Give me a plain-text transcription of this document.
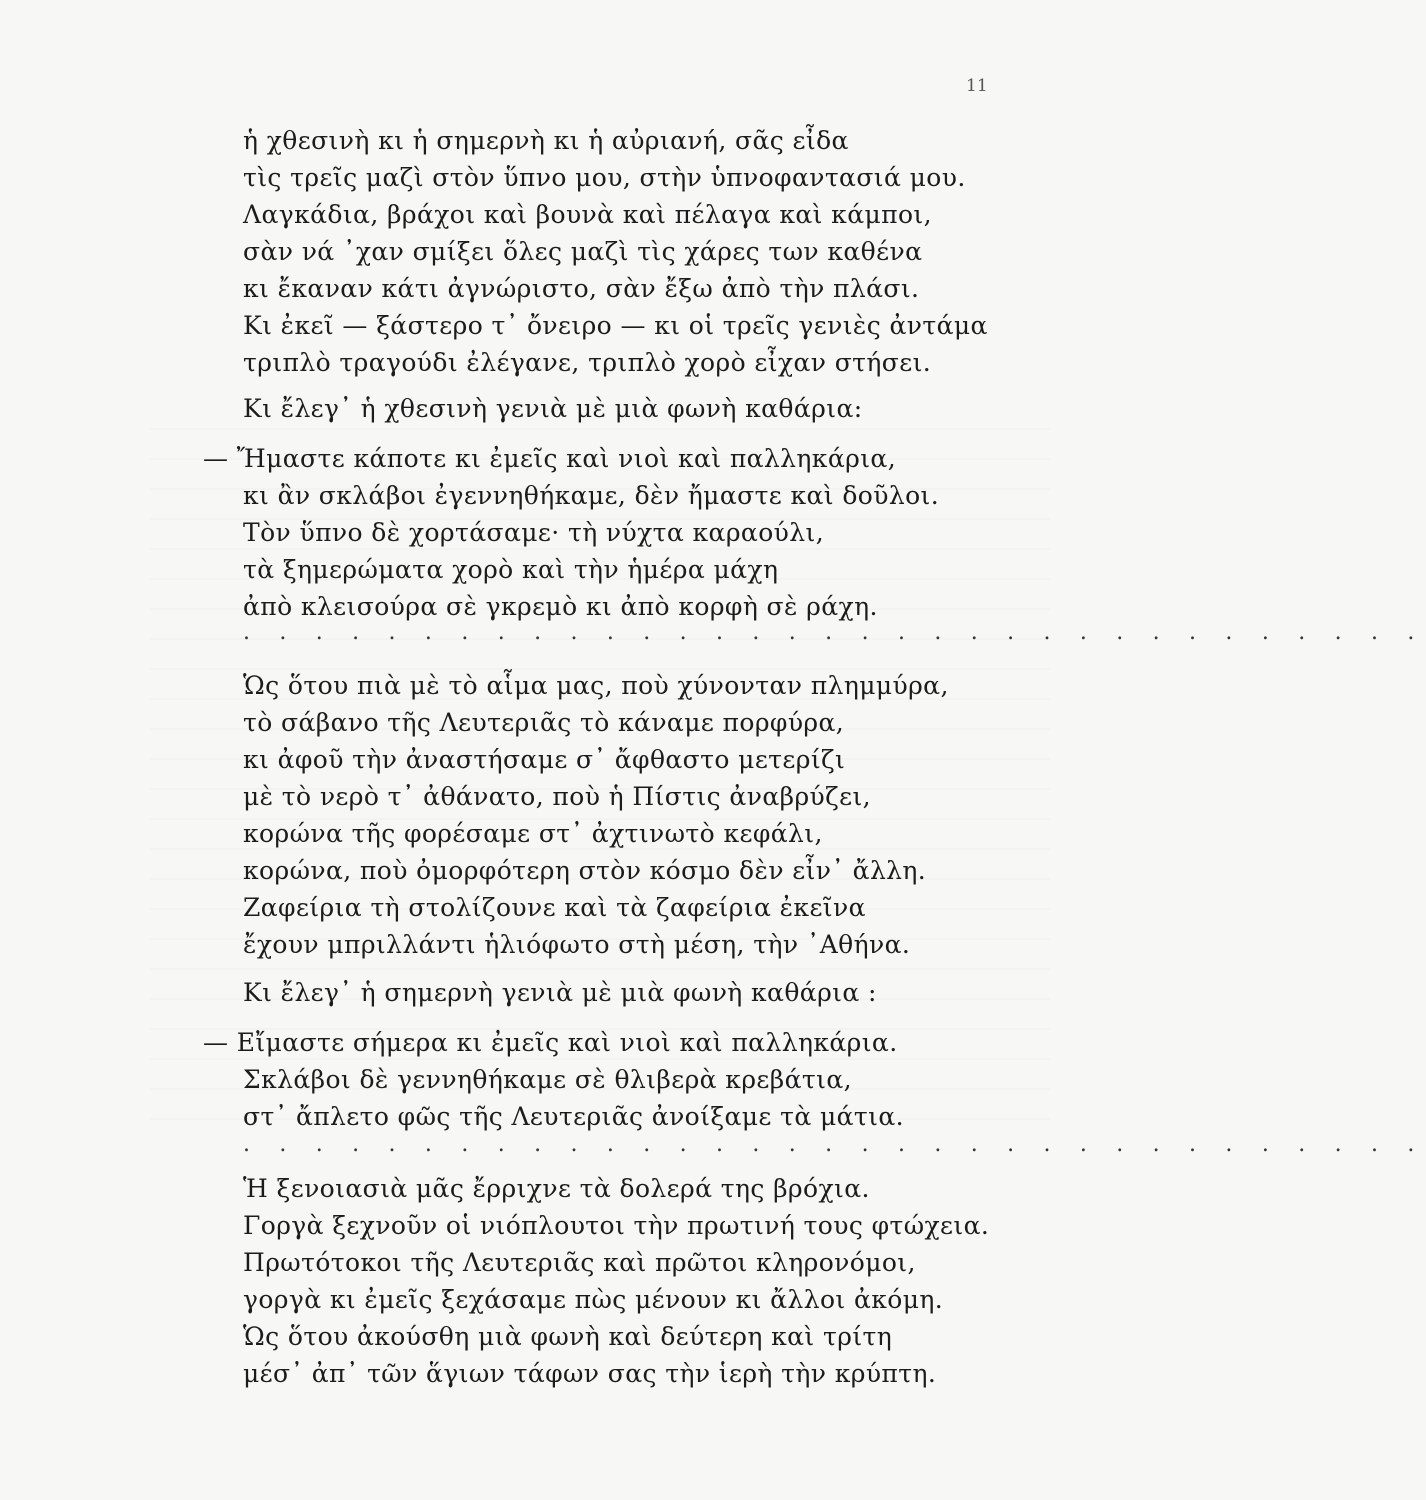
11
ἡ χθεσινὴ κι ἡ σημερνὴ κι ἡ αὐριανή, σᾶς εἶδα
τὶς τρεῖς μαζὶ στὸν ὕπνο μου, στὴν ὑπνοφαντασιά μου.
Λαγκάδια, βράχοι καὶ βουνὰ καὶ πέλαγα καὶ κάμποι,
σὰν νά ᾽χαν σμίξει ὅλες μαζὶ τὶς χάρες των καθένα
κι ἔκαναν κάτι ἀγνώριστο, σὰν ἔξω ἀπὸ τὴν πλάσι.
Κι ἐκεῖ — ξάστερο τ᾽ ὄνειρο — κι οἱ τρεῖς γενιὲς ἀντάμα
τριπλὸ τραγούδι ἐλέγανε, τριπλὸ χορὸ εἶχαν στήσει.
Κι ἔλεγ᾽ ἡ χθεσινὴ γενιὰ μὲ μιὰ φωνὴ καθάρια:
— Ἤμαστε κάποτε κι ἐμεῖς καὶ νιοὶ καὶ παλληκάρια,
κι ἂν σκλάβοι ἐγεννηθήκαμε, δὲν ἤμαστε καὶ δοῦλοι.
Τὸν ὕπνο δὲ χορτάσαμε· τὴ νύχτα καραούλι,
τὰ ξημερώματα χορὸ καὶ τὴν ἡμέρα μάχη
ἀπὸ κλεισούρα σὲ γκρεμὸ κι ἀπὸ κορφὴ σὲ ράχη.
. . . . . . . . . . . . . . . . . . . . . . . . . . . . . . . . .
Ὡς ὅτου πιὰ μὲ τὸ αἷμα μας, ποὺ χύνονταν πλημμύρα,
τὸ σάβανο τῆς Λευτεριᾶς τὸ κάναμε πορφύρα,
κι ἀφοῦ τὴν ἀναστήσαμε σ᾽ ἄφθαστο μετερίζι
μὲ τὸ νερὸ τ᾽ ἀθάνατο, ποὺ ἡ Πίστις ἀναβρύζει,
κορώνα τῆς φορέσαμε στ᾽ ἀχτινωτὸ κεφάλι,
κορώνα, ποὺ ὀμορφότερη στὸν κόσμο δὲν εἶν᾽ ἄλλη.
Ζαφείρια τὴ στολίζουνε καὶ τὰ ζαφείρια ἐκεῖνα
ἔχουν μπριλλάντι ἡλιόφωτο στὴ μέση, τὴν ᾽Αθήνα.
Κι ἔλεγ᾽ ἡ σημερνὴ γενιὰ μὲ μιὰ φωνὴ καθάρια :
— Εἴμαστε σήμερα κι ἐμεῖς καὶ νιοὶ καὶ παλληκάρια.
Σκλάβοι δὲ γεννηθήκαμε σὲ θλιβερὰ κρεβάτια,
στ᾽ ἄπλετο φῶς τῆς Λευτεριᾶς ἀνοίξαμε τὰ μάτια.
. . . . . . . . . . . . . . . . . . . . . . . . . . . . . . . . .
Ἡ ξενοιασιὰ μᾶς ἔρριχνε τὰ δολερά της βρόχια.
Γοργὰ ξεχνοῦν οἱ νιόπλουτοι τὴν πρωτινή τους φτώχεια.
Πρωτότοκοι τῆς Λευτεριᾶς καὶ πρῶτοι κληρονόμοι,
γοργὰ κι ἐμεῖς ξεχάσαμε πὼς μένουν κι ἄλλοι ἀκόμη.
Ὡς ὅτου ἀκούσθη μιὰ φωνὴ καὶ δεύτερη καὶ τρίτη
μέσ᾽ ἀπ᾽ τῶν ἅγιων τάφων σας τὴν ἱερὴ τὴν κρύπτη.
